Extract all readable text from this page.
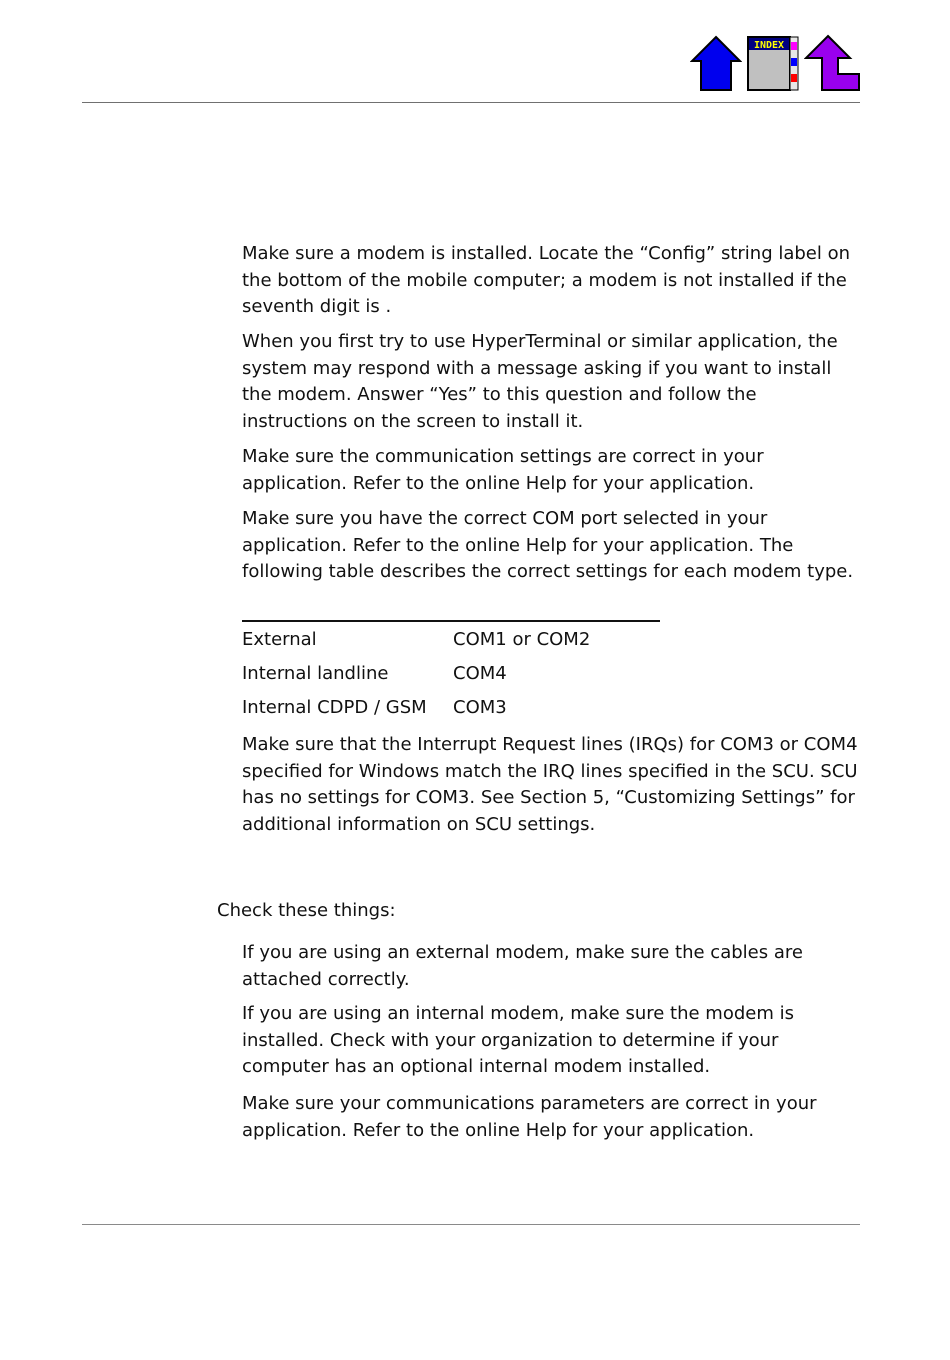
INDEX

Make sure a modem is installed. Locate the “Config” string label on the bottom of the mobile computer; a modem is not installed if the seventh digit is .

When you first try to use HyperTerminal or similar application, the system may respond with a message asking if you want to install the modem. Answer “Yes” to this question and follow the instructions on the screen to install it.

Make sure the communication settings are correct in your application. Refer to the online Help for your application.

Make sure you have the correct COM port selected in your application. Refer to the online Help for your application. The following table describes the correct settings for each modem type.

External	COM1 or COM2
Internal landline	COM4
Internal CDPD / GSM COM3

Make sure that the Interrupt Request lines (IRQs) for COM3 or COM4 specified for Windows match the IRQ lines specified in the SCU. SCU has no settings for COM3. See Section 5, “Customizing Settings” for additional information on SCU settings.

Check these things:

If you are using an external modem, make sure the cables are attached correctly.

If you are using an internal modem, make sure the modem is installed. Check with your organization to determine if your computer has an optional internal modem installed.

Make sure your communications parameters are correct in your application. Refer to the online Help for your application.
